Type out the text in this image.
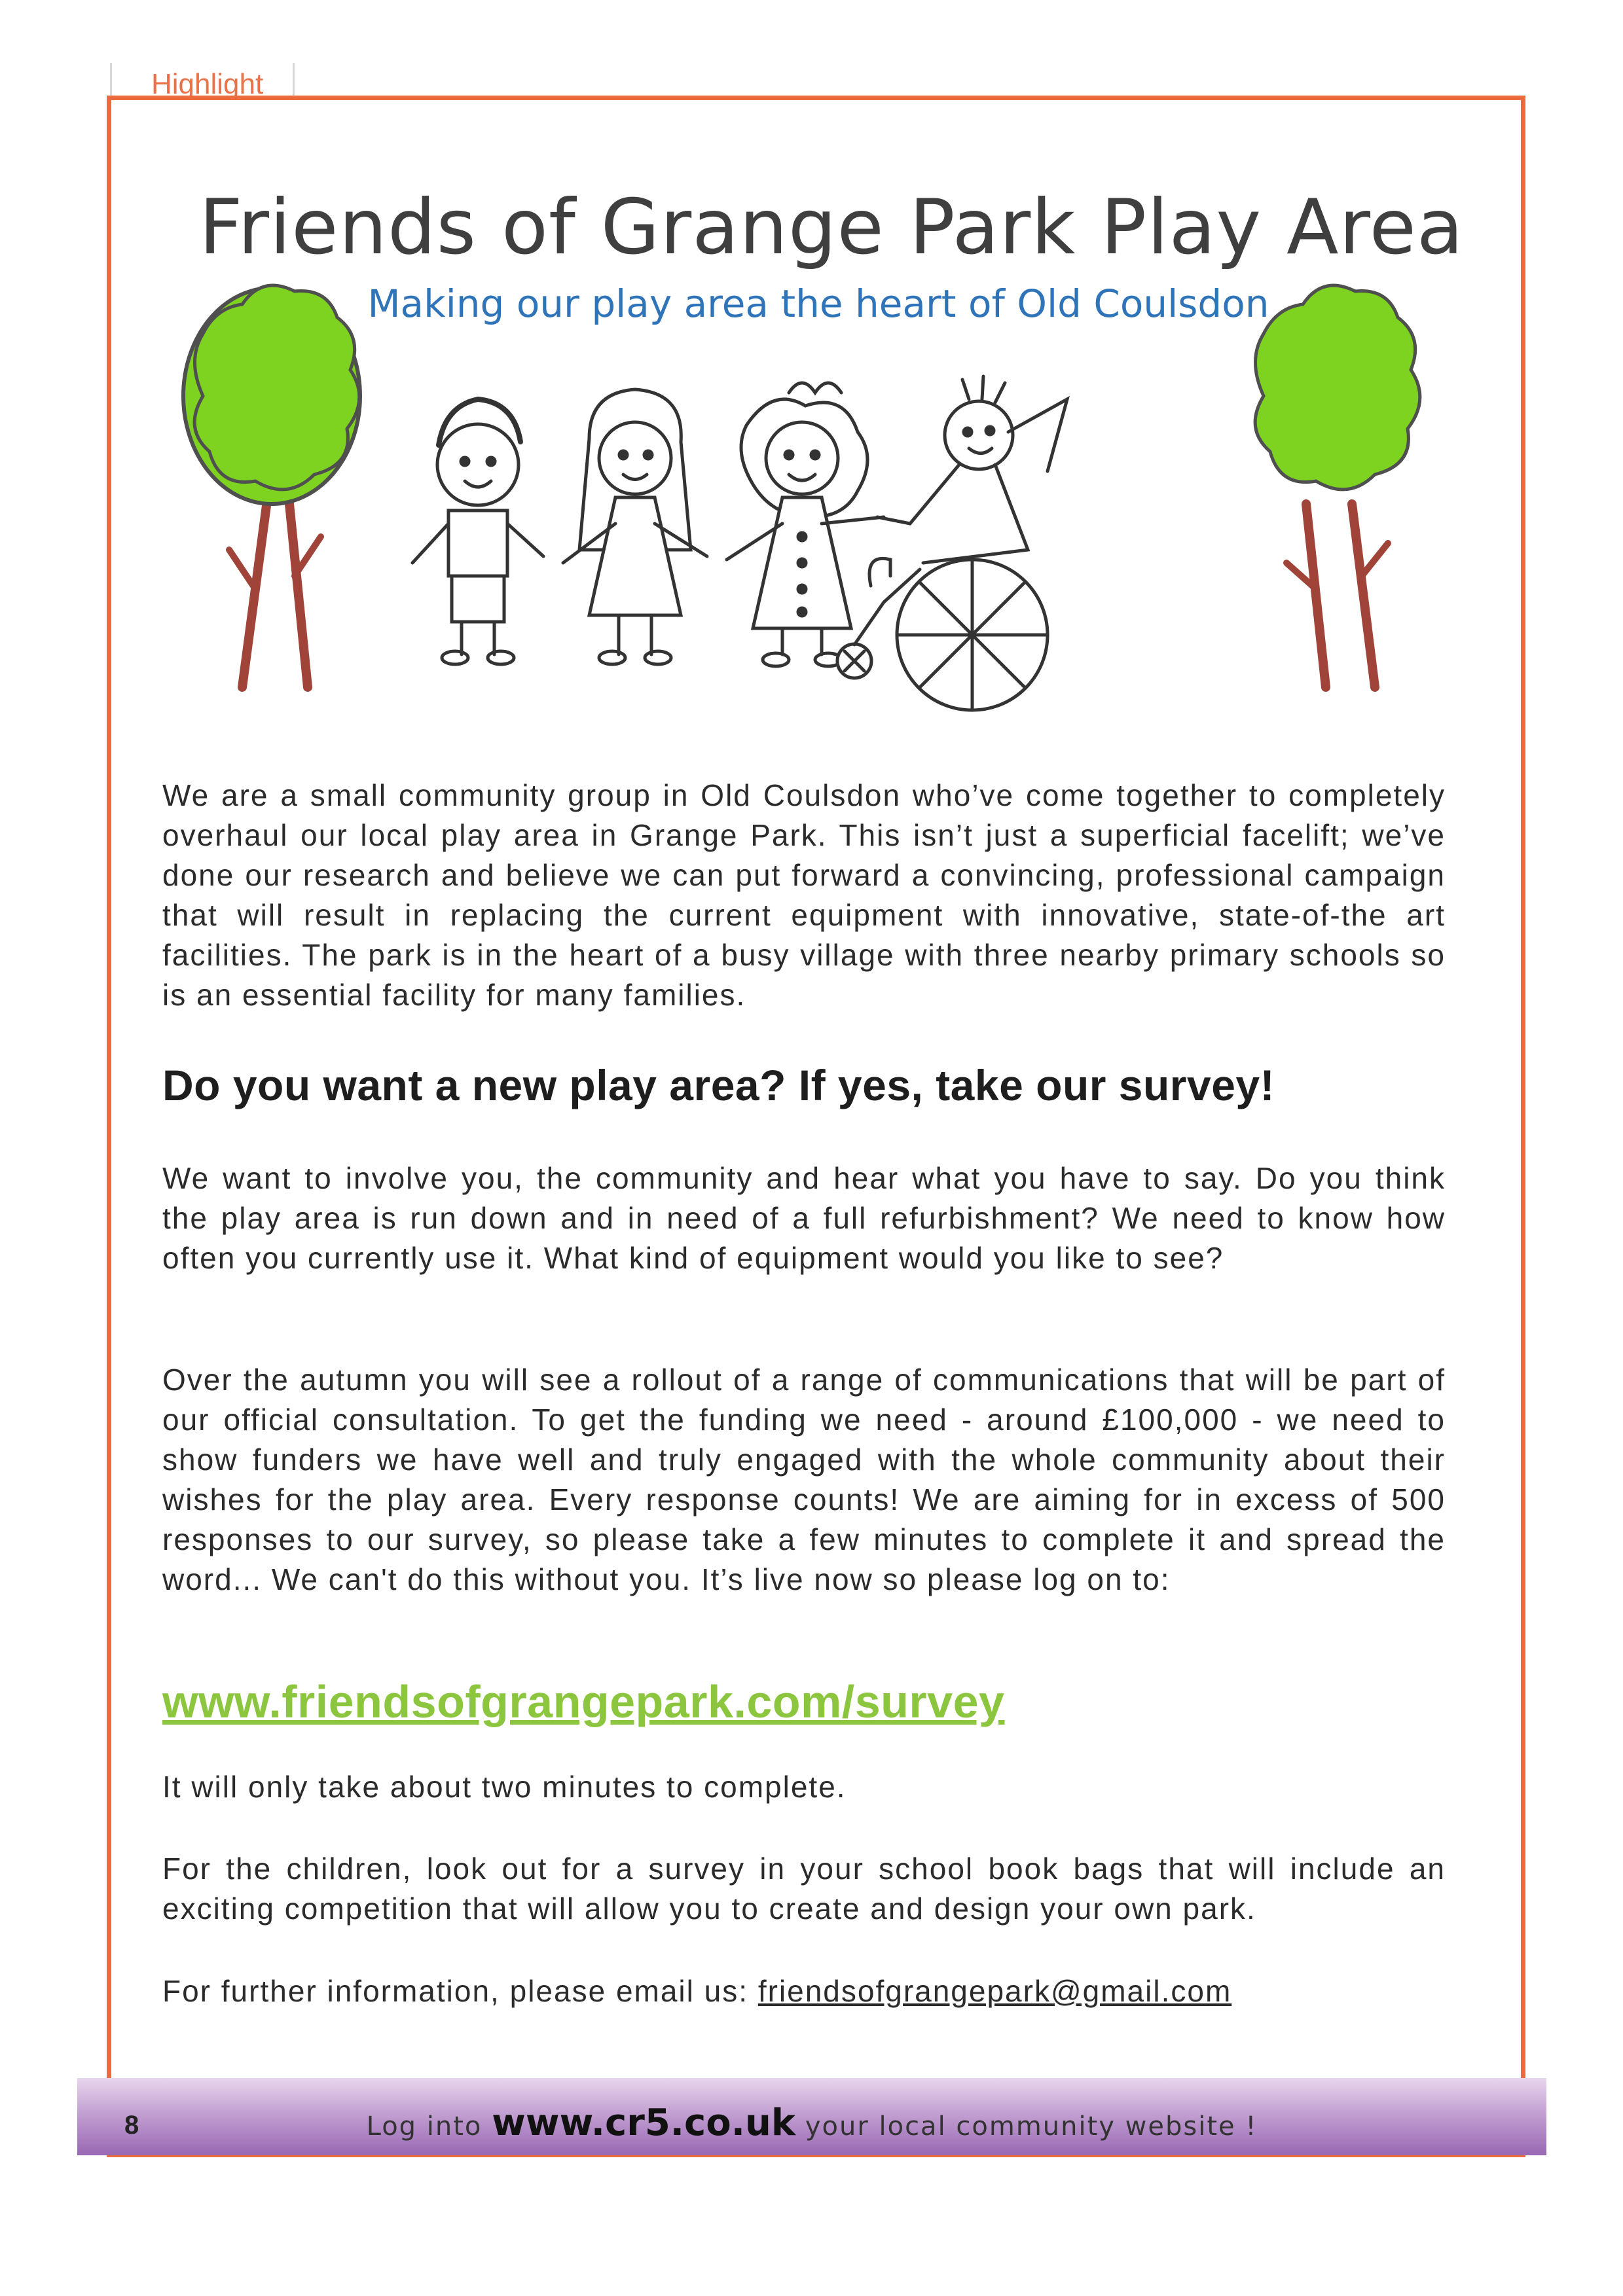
Highlight
Friends of Grange Park Play Area
Making our play area the heart of Old Coulsdon

We are a small community group in Old Coulsdon who’ve come together to completely overhaul our local play area in Grange Park. This isn’t just a superficial facelift; we’ve done our research and believe we can put forward a convincing, professional campaign that will result in replacing the current equipment with innovative, state-of-the art facilities. The park is in the heart of a busy village with three nearby primary schools so is an essential facility for many families.

Do you want a new play area? If yes, take our survey!

We want to involve you, the community and hear what you have to say. Do you think the play area is run down and in need of a full refurbishment? We need to know how often you currently use it. What kind of equipment would you like to see?

Over the autumn you will see a rollout of a range of communications that will be part of our official consultation. To get the funding we need - around £100,000 - we need to show funders we have well and truly engaged with the whole community about their wishes for the play area. Every response counts! We are aiming for in excess of 500 responses to our survey, so please take a few minutes to complete it and spread the word... We can't do this without you. It’s live now so please log on to:

www.friendsofgrangepark.com/survey

It will only take about two minutes to complete.

For the children, look out for a survey in your school book bags that will include an exciting competition that will allow you to create and design your own park.

For further information, please email us: friendsofgrangepark@gmail.com

8	Log into www.cr5.co.uk your local community website !
